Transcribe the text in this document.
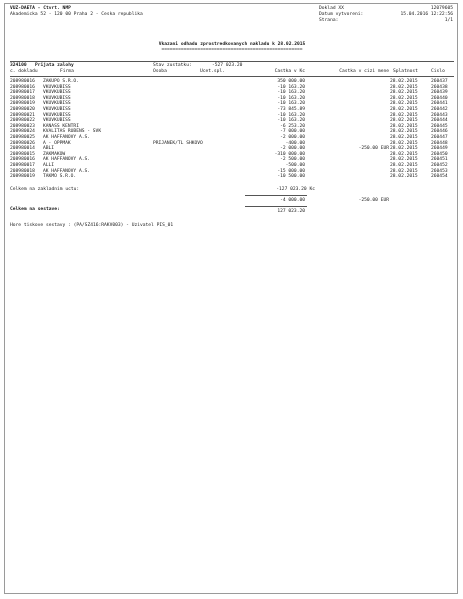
VUZ-DAETA - Ctvrt. NMP
Akademicka 52 - 120 00 Praha 2 - Ceska republika
Doklad XX
Datum vytvoreni:
Strana:
12079605
15.04.2016 12:22:56
1/1
Vkazani odhadu zprostredkovanych nakladu k 28.02.2015
===================================================
324100 Prijata zalohy	Stav zustatku:	-527 023.20
c. dokladu	Firma	Osoba	Ucet.spl.	Castka v Kc	Castka v cizi mene Splatnost	Cislo
208980016 ZAKUPO S.R.O.	350 000.00	28.02.2015	260437
208980016 VKUVKUBISS	-10 163.20	28.02.2015	260438
208980017 VKUVKUBISS	-10 163.20	28.02.2015	260439
208980018 VKUVKUBISS	-10 163.20	28.02.2015	260440
208980019 VKUVKUBISS	-10 163.20	28.02.2015	260441
208980020 VKUVKUBISS	-73 845.89	28.02.2015	260442
208980021 VKUVKUBISS	-10 163.20	28.02.2015	260443
208980022 VKUVKUBISS	-10 163.20	28.02.2015	260444
208980023 KANASS KENTRI	-6 253.20	28.02.2015	260445
208980024 KVALITAS RUBENS - SVK	-7 000.00	28.02.2015	260446
208980025 AK HAFFANOVY A.S.	-2 000.00	28.02.2015	260447
208980026 A - OPPMAK	PRIJANEK/TL SHKOVO	-400.00	28.02.2015	260448
208980014 ABLI	-2 000.00	-250.00 EUR 28.02.2015	260449
208980015 ZAKMAKOW	-310 000.00	28.02.2015	260450
208980016 AK HAFFANOVY A.S.	-2 500.00	28.02.2015	260451
208980017 ALLI	-500.00	28.02.2015	260452
208980018 AK HAFFANOVY A.S.	-15 000.00	28.02.2015	260453
208980019 TAKMO S.R.O.	-10 500.00	28.02.2015	260454
Celkem na zakladnim uctu:	-127 023.20 Kc
-4 000.00	-250.00 EUR
Celkem na sestave:	127 023.20
Hore tiskove sestavy : (PA/SZ416:RAKV003) - Uzivatel PIS_01
